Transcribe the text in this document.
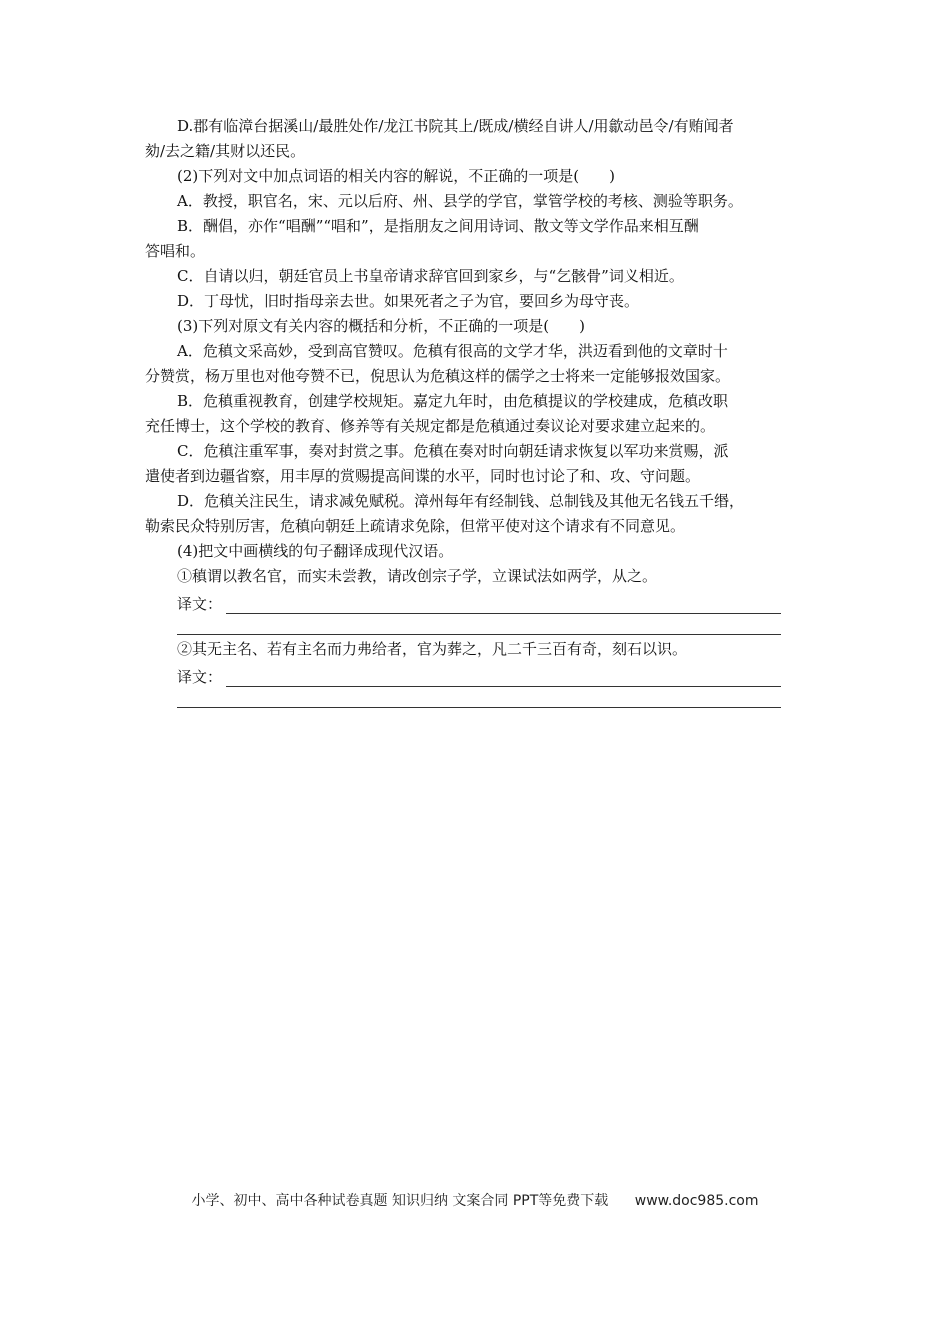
D.郡有临漳台据溪山/最胜处作/龙江书院其上/既成/横经自讲人/用歙动邑令/有贿闻者

劾/去之籍/其财以还民。

(2)下列对文中加点词语的相关内容的解说，不正确的一项是(　　)

A．教授，职官名，宋、元以后府、州、县学的学官，掌管学校的考核、测验等职务。

B．酬倡，亦作“唱酬”“唱和”，是指朋友之间用诗词、散文等文学作品来相互酬

答唱和。

C．自请以归，朝廷官员上书皇帝请求辞官回到家乡，与“乞骸骨”词义相近。

D．丁母忧，旧时指母亲去世。如果死者之子为官，要回乡为母守丧。

(3)下列对原文有关内容的概括和分析，不正确的一项是(　　)

A．危稹文采高妙，受到高官赞叹。危稹有很高的文学才华，洪迈看到他的文章时十

分赞赏，杨万里也对他夸赞不已，倪思认为危稹这样的儒学之士将来一定能够报效国家。

B．危稹重视教育，创建学校规矩。嘉定九年时，由危稹提议的学校建成，危稹改职

充任博士，这个学校的教育、修养等有关规定都是危稹通过奏议论对要求建立起来的。

C．危稹注重军事，奏对封赏之事。危稹在奏对时向朝廷请求恢复以军功来赏赐，派

遣使者到边疆省察，用丰厚的赏赐提高间谍的水平，同时也讨论了和、攻、守问题。

D．危稹关注民生，请求减免赋税。漳州每年有经制钱、总制钱及其他无名钱五千缗，

勒索民众特别厉害，危稹向朝廷上疏请求免除，但常平使对这个请求有不同意见。

(4)把文中画横线的句子翻译成现代汉语。

①稹谓以教名官，而实未尝教，请改创宗子学，立课试法如两学，从之。

译文：

②其无主名、若有主名而力弗给者，官为葬之，凡二千三百有奇，刻石以识。

译文：
小学、初中、高中各种试卷真题 知识归纳 文案合同 PPT等免费下载 www.doc985.com
